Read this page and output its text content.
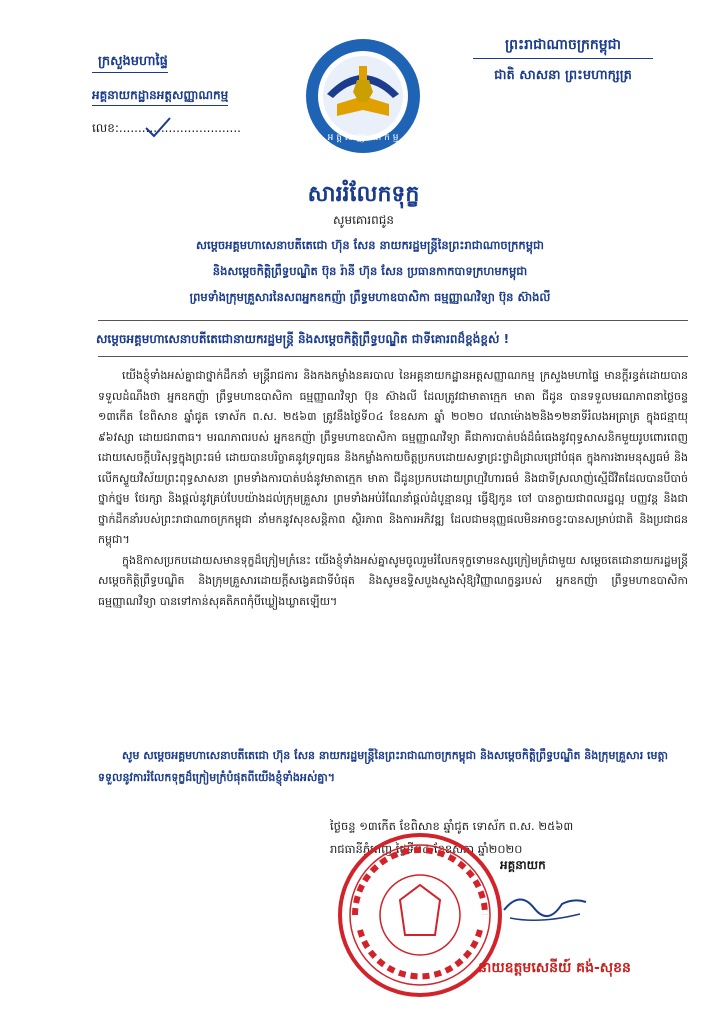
ក្រសួងមហាផ្ទៃ
អគ្គនាយកដ្ឋានអត្តសញ្ញាណកម្ម
លេខ:................................
ព្រះរាជាណាចក្រកម្ពុជា
ជាតិ សាសនា ព្រះមហាក្សត្រ
អ ត្ត ស ញ្ញា ណ ក ម្ម
សាររំលែកទុក្ខ
សូមគោរពជូន
សម្ដេចអគ្គមហាសេនាបតីតេជោ ហ៊ុន សែន នាយករដ្ឋមន្ត្រីនៃព្រះរាជាណាចក្រកម្ពុជា
និងសម្ដេចកិត្តិព្រឹទ្ធបណ្ឌិត ប៊ុន រ៉ានី ហ៊ុន សែន ប្រធានកាកបាទក្រហមកម្ពុជា
ព្រមទាំងក្រុមគ្រួសារនៃសពអ្នកឧកញ៉ា ព្រឹទ្ធមហាឧបាសិកា ធម្មញ្ញាណវិទ្យា ប៊ុន ស៊ាងលី
សម្ដេចអគ្គមហាសេនាបតីតេជោនាយករដ្ឋមន្ត្រី និងសម្ដេចកិត្តិព្រឹទ្ធបណ្ឌិត ជាទីគោរពដ៏ខ្ពង់ខ្ពស់ !

យើងខ្ញុំទាំងអស់គ្នាជាថ្នាក់ដឹកនាំ មន្ត្រីរាជការ និងកងកម្លាំងនគរបាល នៃអគ្គនាយកដ្ឋានអត្តសញ្ញាណកម្ម ក្រសួងមហាផ្ទៃ មានក្ដីរន្ធត់ដោយបានទទួលដំណឹងថា អ្នកឧកញ៉ា ព្រឹទ្ធមហាឧបាសិកា ធម្មញ្ញាណវិទ្យា ប៊ុន ស៊ាងលី ដែលត្រូវជាមាតាក្មេក មាតា ជីដូន បានទទួលមរណភាពនាថ្ងៃចន្ទ ១៣កើត ខែពិសាខ ឆ្នាំជូត ទោស័ក ព.ស. ២៥៦៣ ត្រូវនឹងថ្ងៃទី០៤ ខែឧសភា ឆ្នាំ ២០២០ វេលាម៉ោង២និង១២នាទីរំលងអធ្រាត្រ ក្នុងជន្មាយុ ៩៦វស្សា ដោយជរាពាធ។ មរណភាពរបស់ អ្នកឧកញ៉ា ព្រឹទ្ធមហាឧបាសិកា ធម្មញ្ញាណវិទ្យា គឺជាការបាត់បង់ដ៏ធំធេងនូវពុទ្ធសាសនិកមួយរូបពោរពេញដោយសេចក្ដីបរិសុទ្ធក្នុងព្រះធម៌ ដោយបានបរិច្ចាគនូវទ្រព្យធន និងកម្លាំងកាយចិត្តប្រកបដោយសទ្ធាជ្រះថ្លាដ៏ជ្រាលជ្រៅបំផុត ក្នុងការងារមនុស្សធម៌ និងលើកស្ទួយវិស័យព្រះពុទ្ធសាសនា ព្រមទាំងការបាត់បង់នូវមាតាក្មេក មាតា ជីដូនប្រកបដោយព្រហ្មវិហារធម៌ និងជាទីស្រលាញ់ស្មើជីវិតដែលបានបីបាច់ថ្នាក់ថ្នម ថែរក្សា និងផ្ដល់នូវគ្រប់បែបយ៉ាងដល់ក្រុមគ្រួសារ ព្រមទាំងអប់រំណែនាំផ្ដល់ដំបូន្មានល្អ ធ្វើឱ្យកូន ចៅ បានក្លាយជាពលរដ្ឋល្អ បញ្ញវន្ត និងជាថ្នាក់ដឹកនាំរបស់ព្រះរាជាណាចក្រកម្ពុជា នាំមកនូវសុខសន្តិភាព ស្ថិរភាព និងការអភិវឌ្ឍ ដែលជាមនុញ្ញផលមិនអាចខ្វះបានសម្រាប់ជាតិ និងប្រជាជនកម្ពុជា។

ក្នុងឱកាសប្រកបដោយសមានទុក្ខដ៏ក្រៀមក្រំនេះ យើងខ្ញុំទាំងអស់គ្នាសូមចូលរួមរំលែកទុក្ខទោមនស្សក្រៀមក្រំជាមួយ សម្ដេចតេជោនាយករដ្ឋមន្ត្រី សម្ដេចកិត្តិព្រឹទ្ធបណ្ឌិត និងក្រុមគ្រួសារដោយក្ដីសង្វេគជាទីបំផុត និងសូមឧទ្ទិសបួងសួងសុំឱ្យវិញ្ញាណក្ខន្ធរបស់ អ្នកឧកញ៉ា ព្រឹទ្ធមហាឧបាសិកា ធម្មញ្ញាណវិទ្យា បានទៅកាន់សុគតិភពកុំបីឃ្លៀងឃ្លាតឡើយ។

សូម សម្ដេចអគ្គមហាសេនាបតីតេជោ ហ៊ុន សែន នាយករដ្ឋមន្ត្រីនៃព្រះរាជាណាចក្រកម្ពុជា និងសម្ដេចកិត្តិព្រឹទ្ធបណ្ឌិត និងក្រុមគ្រួសារ មេត្តាទទួលនូវការរំលែកទុក្ខដ៏ក្រៀមក្រំបំផុតពីយើងខ្ញុំទាំងអស់គ្នា។
ថ្ងៃចន្ទ ១៣កើត ខែពិសាខ ឆ្នាំជូត ទោស័ក ព.ស. ២៥៦៣
រាជធានីភ្នំពេញ ថ្ងៃទី០៤ ខែឧសភា ឆ្នាំ២០២០
អគ្គនាយក
នាយឧត្ដមសេនីយ៍ គង់-សុខន
